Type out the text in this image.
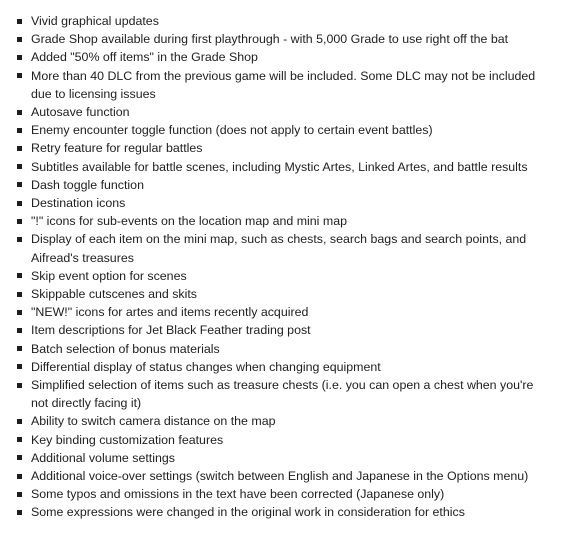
Vivid graphical updates
Grade Shop available during first playthrough - with 5,000 Grade to use right off the bat
Added "50% off items" in the Grade Shop
More than 40 DLC from the previous game will be included. Some DLC may not be included due to licensing issues
Autosave function
Enemy encounter toggle function (does not apply to certain event battles)
Retry feature for regular battles
Subtitles available for battle scenes, including Mystic Artes, Linked Artes, and battle results
Dash toggle function
Destination icons
"!" icons for sub-events on the location map and mini map
Display of each item on the mini map, such as chests, search bags and search points, and Aifread's treasures
Skip event option for scenes
Skippable cutscenes and skits
"NEW!" icons for artes and items recently acquired
Item descriptions for Jet Black Feather trading post
Batch selection of bonus materials
Differential display of status changes when changing equipment
Simplified selection of items such as treasure chests (i.e. you can open a chest when you're not directly facing it)
Ability to switch camera distance on the map
Key binding customization features
Additional volume settings
Additional voice-over settings (switch between English and Japanese in the Options menu)
Some typos and omissions in the text have been corrected (Japanese only)
Some expressions were changed in the original work in consideration for ethics
